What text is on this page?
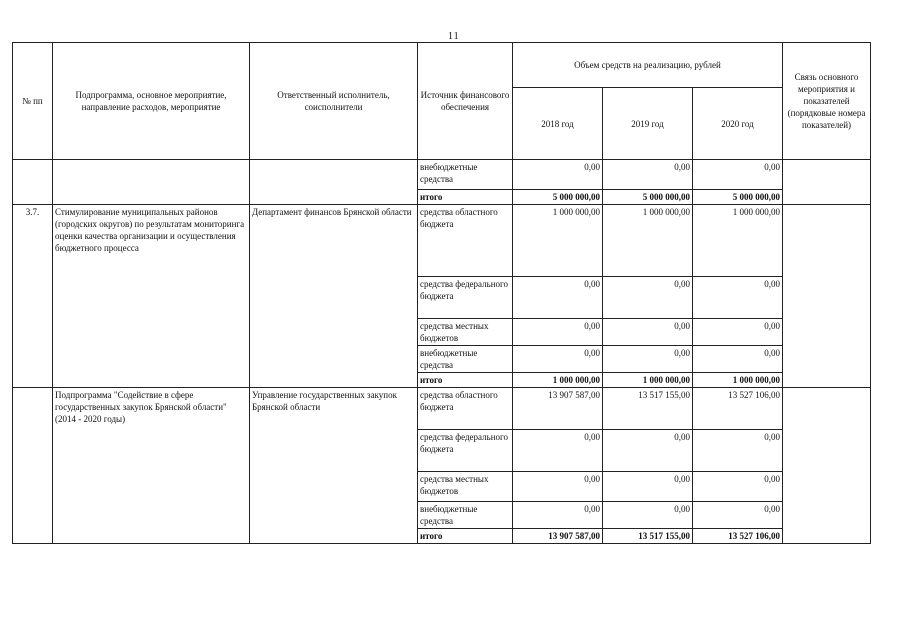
11
№ пп	Подпрограмма, основное мероприятие, направление расходов, мероприятие	Ответственный исполнитель, соисполнители	Источник финансового обеспечения	Объем средств на реализацию, рублей			Связь основного мероприятия и показателей (порядковые номера показателей)
				2018 год	2019 год	2020 год	
			внебюджетные средства	0,00	0,00	0,00	
			итого	5 000 000,00	5 000 000,00	5 000 000,00	
3.7.	Стимулирование муниципальных районов (городских округов) по результатам мониторинга оценки качества организации и осуществления бюджетного процесса	Департамент финансов Брянской области	средства областного бюджета	1 000 000,00	1 000 000,00	1 000 000,00	
			средства федерального бюджета	0,00	0,00	0,00	
			средства местных бюджетов	0,00	0,00	0,00	
			внебюджетные средства	0,00	0,00	0,00	
			итого	1 000 000,00	1 000 000,00	1 000 000,00	
	Подпрограмма "Содействие в сфере государственных закупок Брянской области" (2014 - 2020 годы)	Управление государственных закупок Брянской области	средства областного бюджета	13 907 587,00	13 517 155,00	13 527 106,00	
			средства федерального бюджета	0,00	0,00	0,00	
			средства местных бюджетов	0,00	0,00	0,00	
			внебюджетные средства	0,00	0,00	0,00	
			итого	13 907 587,00	13 517 155,00	13 527 106,00	
